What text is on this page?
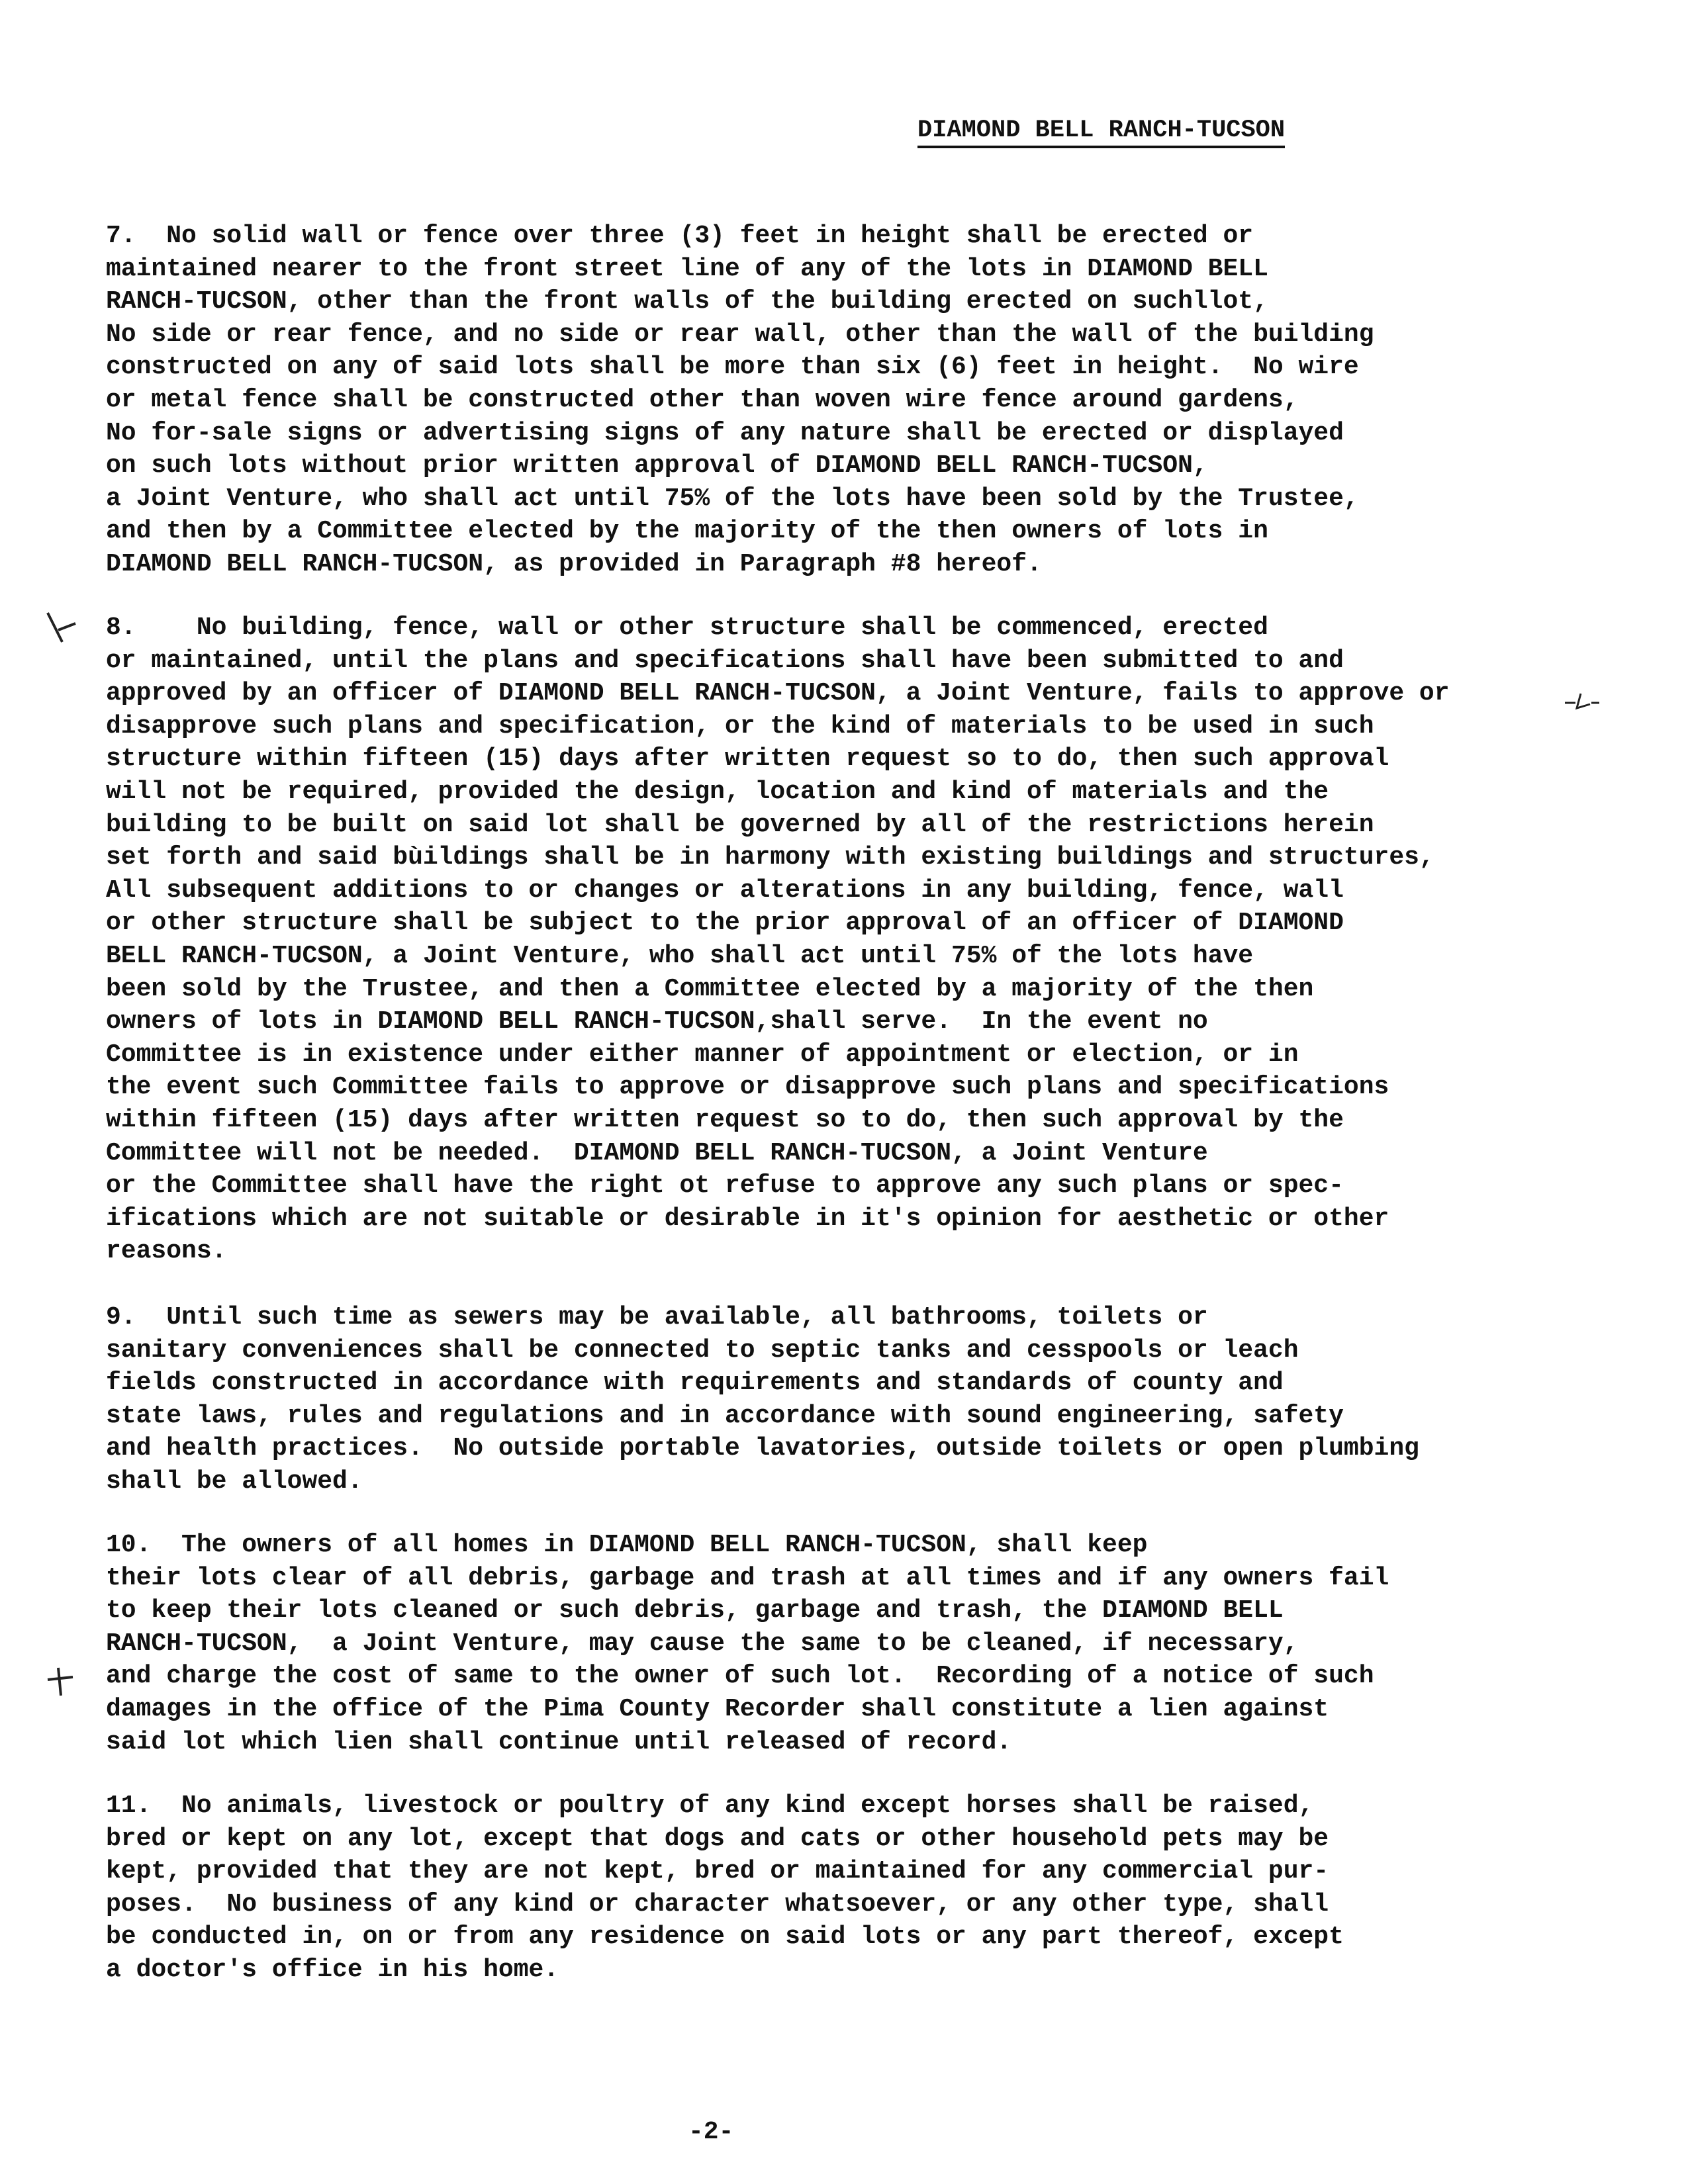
DIAMOND BELL RANCH-TUCSON
7.  No solid wall or fence over three (3) feet in height shall be erected or
maintained nearer to the front street line of any of the lots in DIAMOND BELL
RANCH-TUCSON, other than the front walls of the building erected on suchllot,
No side or rear fence, and no side or rear wall, other than the wall of the building
constructed on any of said lots shall be more than six (6) feet in height.  No wire
or metal fence shall be constructed other than woven wire fence around gardens,
No for-sale signs or advertising signs of any nature shall be erected or displayed
on such lots without prior written approval of DIAMOND BELL RANCH-TUCSON,
a Joint Venture, who shall act until 75% of the lots have been sold by the Trustee,
and then by a Committee elected by the majority of the then owners of lots in
DIAMOND BELL RANCH-TUCSON, as provided in Paragraph #8 hereof.
8.    No building, fence, wall or other structure shall be commenced, erected
or maintained, until the plans and specifications shall have been submitted to and
approved by an officer of DIAMOND BELL RANCH-TUCSON, a Joint Venture, fails to approve or
disapprove such plans and specification, or the kind of materials to be used in such
structure within fifteen (15) days after written request so to do, then such approval
will not be required, provided the design, location and kind of materials and the
building to be built on said lot shall be governed by all of the restrictions herein
set forth and said bùildings shall be in harmony with existing buildings and structures,
All subsequent additions to or changes or alterations in any building, fence, wall
or other structure shall be subject to the prior approval of an officer of DIAMOND
BELL RANCH-TUCSON, a Joint Venture, who shall act until 75% of the lots have
been sold by the Trustee, and then a Committee elected by a majority of the then
owners of lots in DIAMOND BELL RANCH-TUCSON,shall serve.  In the event no
Committee is in existence under either manner of appointment or election, or in
the event such Committee fails to approve or disapprove such plans and specifications
within fifteen (15) days after written request so to do, then such approval by the
Committee will not be needed.  DIAMOND BELL RANCH-TUCSON, a Joint Venture
or the Committee shall have the right ot refuse to approve any such plans or spec-
ifications which are not suitable or desirable in it's opinion for aesthetic or other
reasons.
9.  Until such time as sewers may be available, all bathrooms, toilets or
sanitary conveniences shall be connected to septic tanks and cesspools or leach
fields constructed in accordance with requirements and standards of county and
state laws, rules and regulations and in accordance with sound engineering, safety
and health practices.  No outside portable lavatories, outside toilets or open plumbing
shall be allowed.
10.  The owners of all homes in DIAMOND BELL RANCH-TUCSON, shall keep
their lots clear of all debris, garbage and trash at all times and if any owners fail
to keep their lots cleaned or such debris, garbage and trash, the DIAMOND BELL
RANCH-TUCSON,  a Joint Venture, may cause the same to be cleaned, if necessary,
and charge the cost of same to the owner of such lot.  Recording of a notice of such
damages in the office of the Pima County Recorder shall constitute a lien against
said lot which lien shall continue until released of record.
11.  No animals, livestock or poultry of any kind except horses shall be raised,
bred or kept on any lot, except that dogs and cats or other household pets may be
kept, provided that they are not kept, bred or maintained for any commercial pur-
poses.  No business of any kind or character whatsoever, or any other type, shall
be conducted in, on or from any residence on said lots or any part thereof, except
a doctor's office in his home.
-2-
